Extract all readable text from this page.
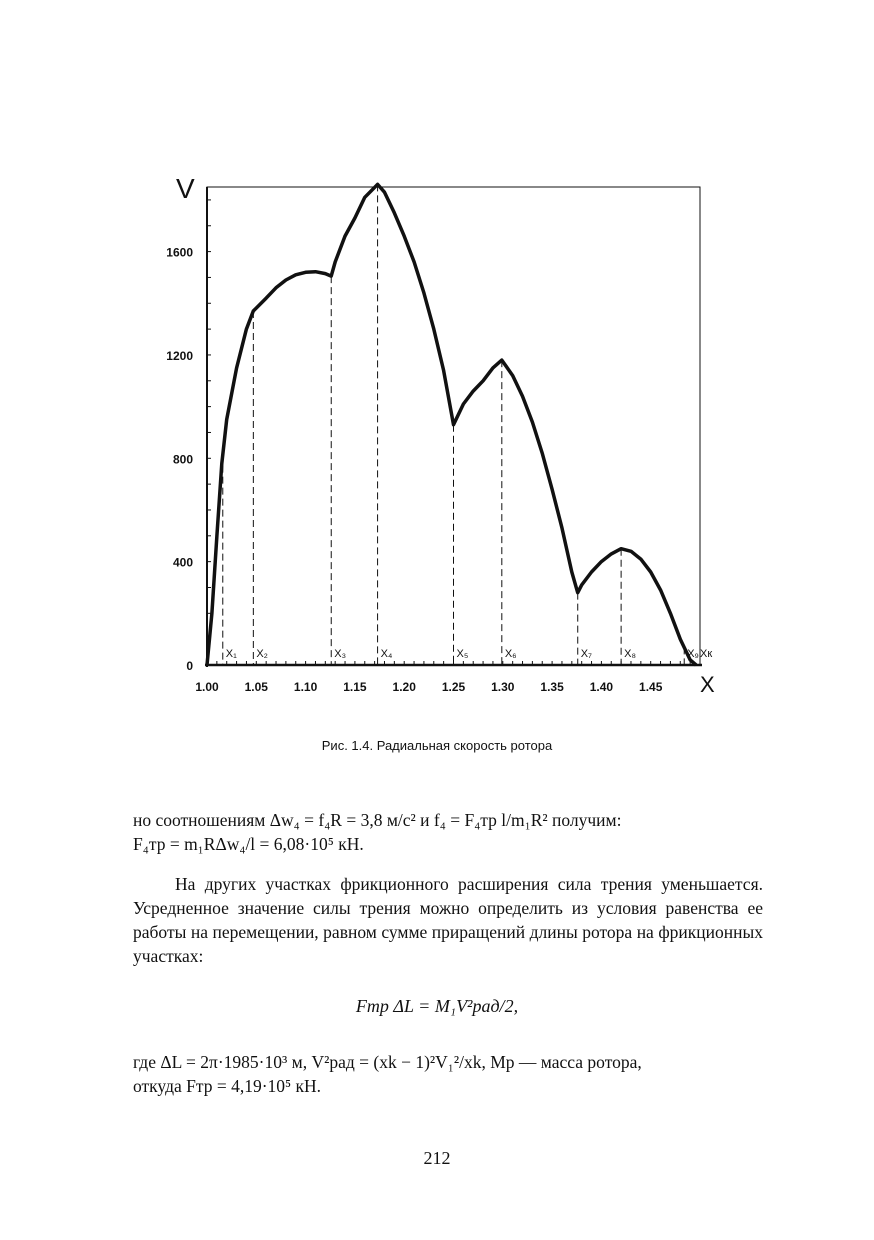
X₁ X₂	X₃	X₄	X₅	X₆	X₇	X₈	X₉ Xк
0
400
800
1200
1600
1.00 1.05 1.10 1.15 1.20 1.25 1.30 1.35 1.40 1.45
V
X
Рис. 1.4. Радиальная скорость ротора
но соотношениям Δw₄ = f₄R = 3,8 м/с² и f₄ = F₄тр l/m₁R² получим:
F₄тр = m₁RΔw₄/l = 6,08·10⁵ кН.
На других участках фрикционного расширения сила трения уменьшается. Усредненное значение силы трения можно определить из условия равенства ее работы на перемещении, равном сумме приращений длины ротора на фрикционных участках:
Fтр ΔL = M₁V²рад/2,
где ΔL = 2π·1985·10³ м, V²рад = (xk − 1)²V₁²/xk, Mр — масса ротора,
откуда Fтр = 4,19·10⁵ кН.
212
